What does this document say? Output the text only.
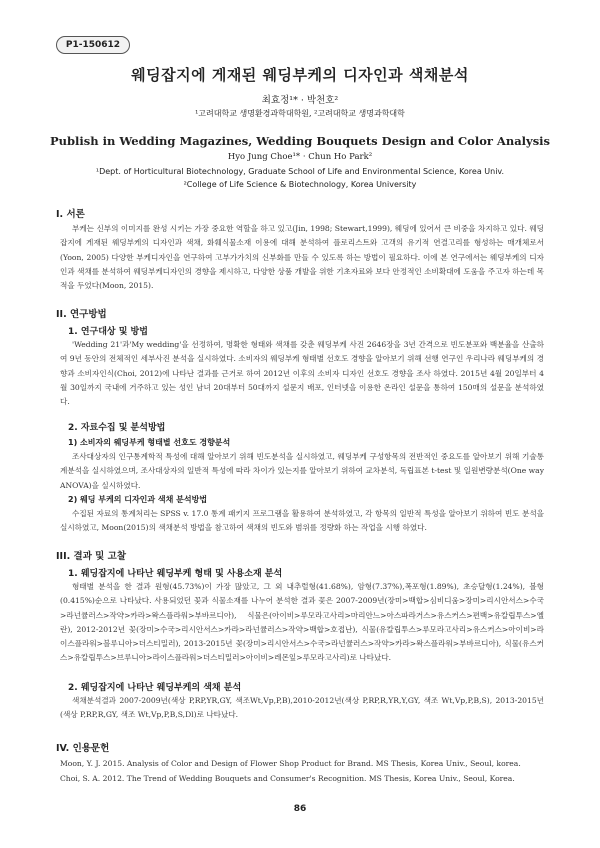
P1-150612
웨딩잡지에 게재된 웨딩부케의 디자인과 색채분석
최효정¹* · 박천호²
¹고려대학교 생명환경과학대학원, ²고려대학교 생명과학대학
Publish in Wedding Magazines, Wedding Bouquets Design and Color Analysis
Hyo Jung Choe¹* · Chun Ho Park²
¹Dept. of Horticultural Biotechnology, Graduate School of Life and Environmental Science, Korea Univ.
²College of Life Science & Biotechnology, Korea University
I. 서론
부케는 신부의 이미지를 완성 시키는 가장 중요한 역할을 하고 있고(Jin, 1998; Stewart,1999), 웨딩에 있어서 큰 비중을 차지하고 있다. 웨딩잡지에 게재된 웨딩부케의 디자인과 색채, 화훼식물소재 이용에 대해 분석하여 플로리스트와 고객의 유기적 연결고리를 형성하는 매개체로서(Yoon, 2005) 다양한 부케디자인을 연구하여 고부가가치의 신부화를 만들 수 있도록 하는 방법이 필요하다. 이에 본 연구에서는 웨딩부케의 디자인과 색채를 분석하여 웨딩부케디자인의 경향을 제시하고, 다양한 상품 개발을 위한 기초자료와 보다 안정적인 소비확대에 도움을 주고자 하는데 목적을 두었다(Moon, 2015).
II. 연구방법
1. 연구대상 및 방법
'Wedding 21'과'My wedding'을 선정하여, 명확한 형태와 색채를 갖춘 웨딩부케 사진 2646장을 3년 간격으로 빈도분포와 백분율을 산출하여 9년 동안의 전체적인 세부사진 분석을 실시하였다. 소비자의 웨딩부케 형태별 선호도 경향을 알아보기 위해 선행 연구인 우리나라 웨딩부케의 경향과 소비자인식(Choi, 2012)에 나타난 결과를 근거로 하여 2012년 이후의 소비자 디자인 선호도 경향을 조사 하였다. 2015년 4월 20일부터 4월 30일까지 국내에 거주하고 있는 성인 남녀 20대부터 50대까지 설문지 배포, 인터넷을 이용한 온라인 설문을 통하여 150매의 설문을 분석하였다.
2. 자료수집 및 분석방법
1) 소비자의 웨딩부케 형태별 선호도 경향분석
조사대상자의 인구통계학적 특성에 대해 알아보기 위해 빈도분석을 실시하였고, 웨딩부케 구성항목의 전반적인 중요도를 알아보기 위해 기술통계분석을 실시하였으며, 조사대상자의 일반적 특성에 따라 차이가 있는지를 알아보기 위하여 교차분석, 독립표본 t-test 및 일원변량분석(One way ANOVA)을 실시하였다.
2) 웨딩 부케의 디자인과 색채 분석방법
수집된 자료의 통계처리는 SPSS v. 17.0 통계 패키지 프로그램을 활용하여 분석하였고, 각 항목의 일반적 특성을 알아보기 위하여 빈도 분석을 실시하였고, Moon(2015)의 색채분석 방법을 참고하여 색채의 빈도와 범위를 정량화 하는 작업을 시행 하였다.
III. 결과 및 고찰
1. 웨딩잡지에 나타난 웨딩부케 형태 및 사용소재 분석
형태별 분석을 한 결과 원형(45.73%)이 가장 많았고, 그 외 내추럴형(41.68%), 암형(7.37%),폭포형(1.89%), 초승달형(1.24%), 볼형(0.415%)순으로 나타났다. 사용되었던 꽃과 식물소재를 나누어 분석한 결과 꽃은 2007-2009년(장미>백합>심비디움>장미>리시안서스>수국>라넌큘러스>작약>카라>왁스플라워>부바르디아), 식물은(아이비>루모라고사리>마리안느>아스파라거스>유스커스>편백>유칼립투스>옐란), 2012-2012년 꽃(장미>수국>리시안서스>카라>라넌큘러스>작약>백합>호접난), 식물(유칼립투스>루모라고사리>유스커스>아이비>라이스플라워>블루니아>더스티밀러), 2013-2015년 꽃(장미>리시안서스>수국>라넌큘러스>작약>카라>왁스플라워>부바르디아), 식물(유스커스>유칼립투스>브루니아>라이스플라워>더스티밀러>아이비>레몬잎>루모라고사리)로 나타났다.
2. 웨딩잡지에 나타난 웨딩부케의 색채 분석
색채분석결과 2007-2009년(색상 P,RP,YR,GY, 색조Wt,Vp,P,B),2010-2012년(색상 P,RP,R,YR,Y,GY, 색조 Wt,Vp,P,B,S), 2013-2015년(색상 P,RP,R,GY, 색조 Wt,Vp,P,B,S,Dl)로 나타났다.
IV. 인용문헌
Moon, Y. J. 2015. Analysis of Color and Design of Flower Shop Product for Brand. MS Thesis, Korea Univ., Seoul, korea.
Choi, S. A. 2012. The Trend of Wedding Bouquets and Consumer's Recognition. MS Thesis, Korea Univ., Seoul, Korea.
86
